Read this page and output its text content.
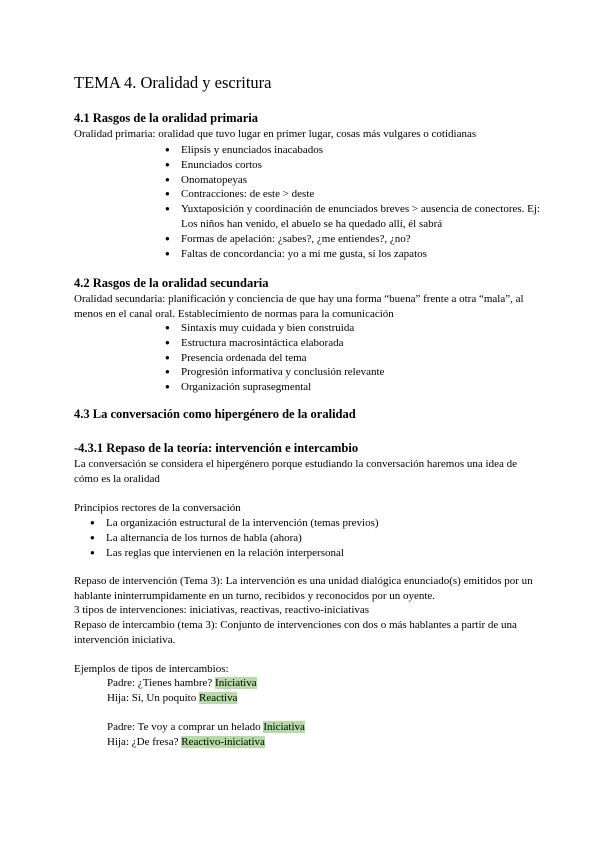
TEMA 4. Oralidad y escritura
4.1 Rasgos de la oralidad primaria

Oralidad primaria: oralidad que tuvo lugar en primer lugar, cosas más vulgares o cotidianas

● Elipsis y enunciados inacabados
● Enunciados cortos
● Onomatopeyas
● Contracciones: de este > deste
● Yuxtaposición y coordinación de enunciados breves > ausencia de conectores. Ej: Los niños han venido, el abuelo se ha quedado allí, él sabrá
● Formas de apelación: ¿sabes?, ¿me entiendes?, ¿no?
● Faltas de concordancia: yo a mí me gusta, sí los zapatos
4.2 Rasgos de la oralidad secundaria

Oralidad secundaria: planificación y conciencia de que hay una forma “buena” frente a otra “mala”, al menos en el canal oral. Establecimiento de normas para la comunicación

● Sintaxis muy cuidada y bien construida
● Estructura macrosintáctica elaborada
● Presencia ordenada del tema
● Progresión informativa y conclusión relevante
● Organización suprasegmental
4.3 La conversación como hipergénero de la oralidad
-4.3.1 Repaso de la teoría: intervención e intercambio

La conversación se considera el hipergénero porque estudiando la conversación haremos una idea de cómo es la oralidad

Principios rectores de la conversación

● La organización estructural de la intervención (temas previos)
● La alternancia de los turnos de habla (ahora)
● Las reglas que intervienen en la relación interpersonal

Repaso de intervención (Tema 3): La intervención es una unidad dialógica enunciado(s) emitidos por un hablante ininterrumpidamente en un turno, recibidos y reconocidos por un oyente.

3 tipos de intervenciones: iniciativas, reactivas, reactivo-iniciativas

Repaso de intercambio (tema 3): Conjunto de intervenciones con dos o más hablantes a partir de una intervención iniciativa.

Ejemplos de tipos de intercambios:

Padre: ¿Tienes hambre? Iniciativa

Hija: Sí, Un poquito Reactiva

Padre: Te voy a comprar un helado Iniciativa

Hija: ¿De fresa? Reactivo-iniciativa
